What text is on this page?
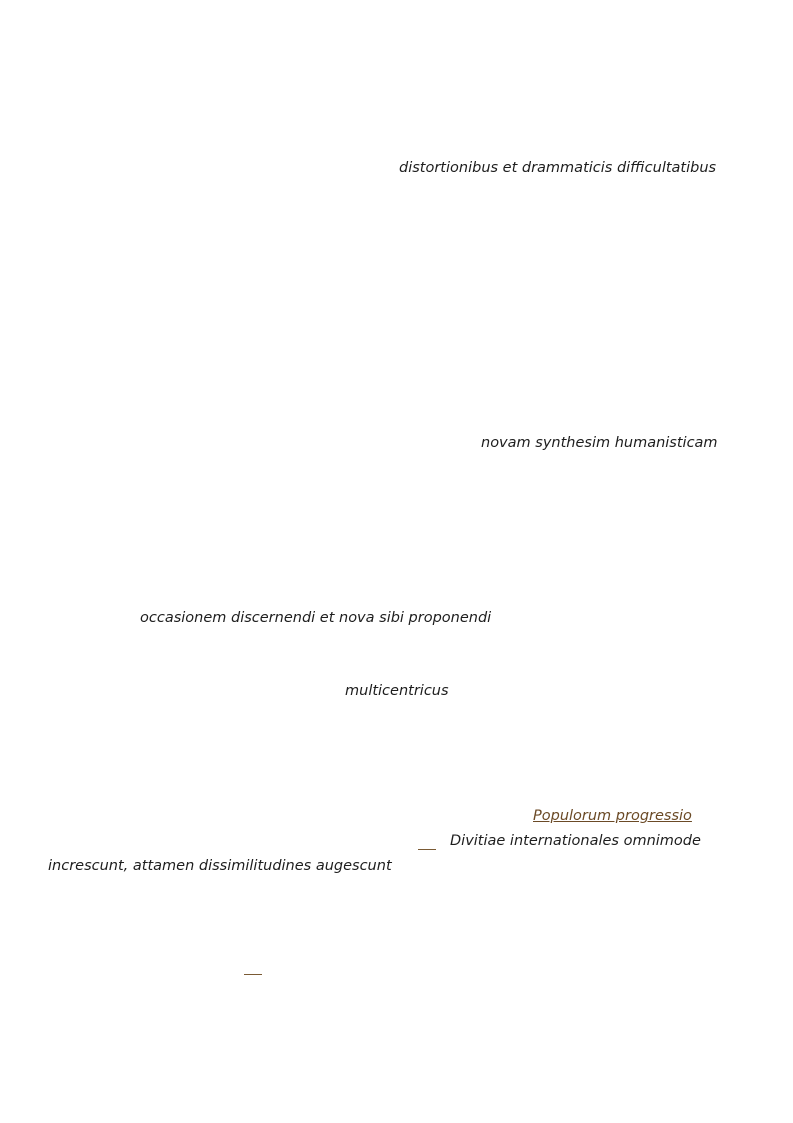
distortionibus et drammaticis difficultatibus
novam synthesim humanisticam
occasionem discernendi et nova sibi proponendi
multicentricus
Populorum progressio
Divitiae internationales omnimode
increscunt, attamen dissimilitudines augescunt
